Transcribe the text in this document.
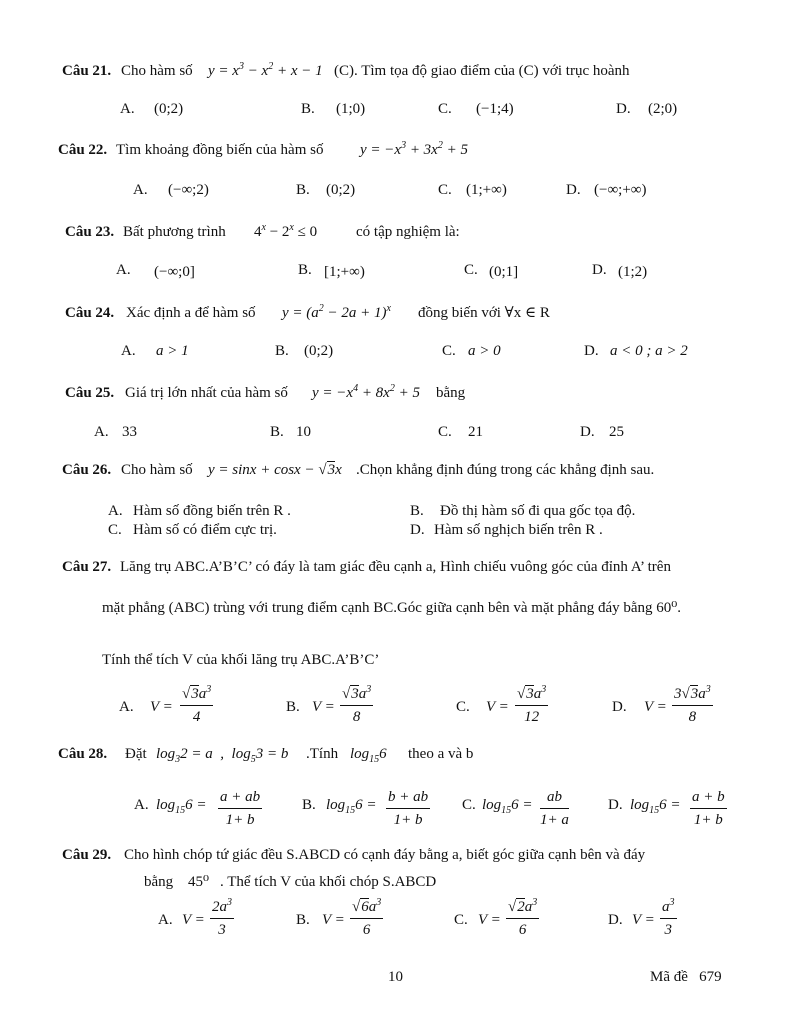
Câu 21. Cho hàm số $y = x^3 - x^2 + x - 1$ (C). Tìm tọa độ giao điểm của (C) với trục hoành
A. (0;2)	B. (1;0)	C. (−1;4)	D. (2;0)
Câu 22. Tìm khoảng đồng biến của hàm số $y = -x^3 + 3x^2 + 5$
A. (−∞;2)	B. (0;2)	C. (1;+∞)	D. (−∞;+∞)
Câu 23. Bất phương trình $4^x - 2^x \le 0$	có tập nghiệm là:
A. (−∞;0]	B. [1;+∞)	C. (0;1]	D. (1;2)
Câu 24. Xác định a để hàm số $y = (a^2 - 2a + 1)^x$ đồng biến với ∀x ∈ R
A. a > 1	B. (0;2)	C. a > 0	D. a < 0 ; a > 2
Câu 25. Giá trị lớn nhất của hàm số $y = -x^4 + 8x^2 + 5$ bằng
A. 33	B. 10	C. 21	D. 25
Câu 26. Cho hàm số y = sinx + cosx − √3x .Chọn khẳng định đúng trong các khẳng định sau.
A. Hàm số đồng biến trên R .	B. Đồ thị hàm số đi qua gốc tọa độ.
C. Hàm số có điểm cực trị.	D. Hàm số nghịch biến trên R .
Câu 27. Lăng trụ ABC.A’B’C’ có đáy là tam giác đều cạnh a, Hình chiếu vuông góc của đỉnh A’ trên
mặt phẳng (ABC) trùng với trung điểm cạnh BC.Góc giữa cạnh bên và mặt phẳng đáy bằng 60⁰.
Tính thể tích V của khối lăng trụ ABC.A’B’C’
A. V =
$√3a^3$
4
B. V =
$√3a^3$
8
C. V =
$√3a^3$
12
D. V =
$3√3a^3$
8
Câu 28. Đặt $\log_32 = a$  ,  $\log_53 = b$ .Tính $\log_{15}6$ theo a và b
A. $\log_{15}6 = a$ + ab
1+ b
B. $\log_{15}6 = b$ + ab
1+ b
C. $\log_{15}6$ = ab
1+ a
D. $\log_{15}6 = a + b$
1+ b
Câu 29. Cho hình chóp tứ giác đều S.ABCD có cạnh đáy bằng a, biết góc giữa cạnh bên và đáy
bằng 45⁰ . Thể tích V của khối chóp S.ABCD
A. V =
$2a^3$
3
B. V =
$√6a^3$
6
C. V =
$√2a^3$
6
D. V =
$a^3$
3
10	Mã đề   679
